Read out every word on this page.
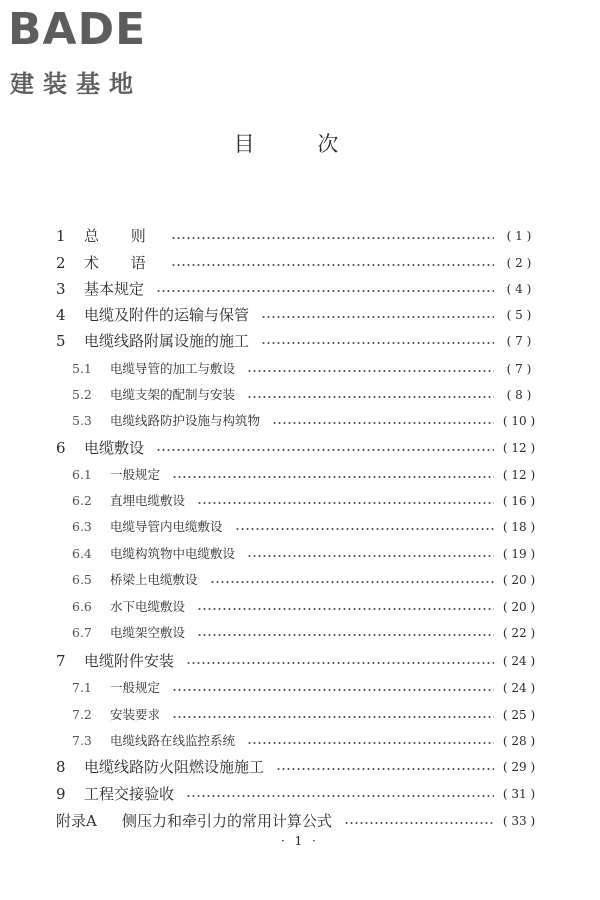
BADE
建装基地
目 次
1 总 则	( 1 )
2 术 语	( 2 )
3 基本规定	( 4 )
4 电缆及附件的运输与保管	( 5 )
5 电缆线路附属设施的施工	( 7 )
5.1 电缆导管的加工与敷设	( 7 )
5.2 电缆支架的配制与安装	( 8 )
5.3 电缆线路防护设施与构筑物	( 10 )
6 电缆敷设	( 12 )
6.1 一般规定	( 12 )
6.2 直埋电缆敷设	( 16 )
6.3 电缆导管内电缆敷设	( 18 )
6.4 电缆构筑物中电缆敷设	( 19 )
6.5 桥梁上电缆敷设	( 20 )
6.6 水下电缆敷设	( 20 )
6.7 电缆架空敷设	( 22 )
7 电缆附件安装	( 24 )
7.1 一般规定	( 24 )
7.2 安装要求	( 25 )
7.3 电缆线路在线监控系统	( 28 )
8 电缆线路防火阻燃设施施工	( 29 )
9 工程交接验收	( 31 )
附录A 侧压力和牵引力的常用计算公式	( 33 )
· 1 ·
